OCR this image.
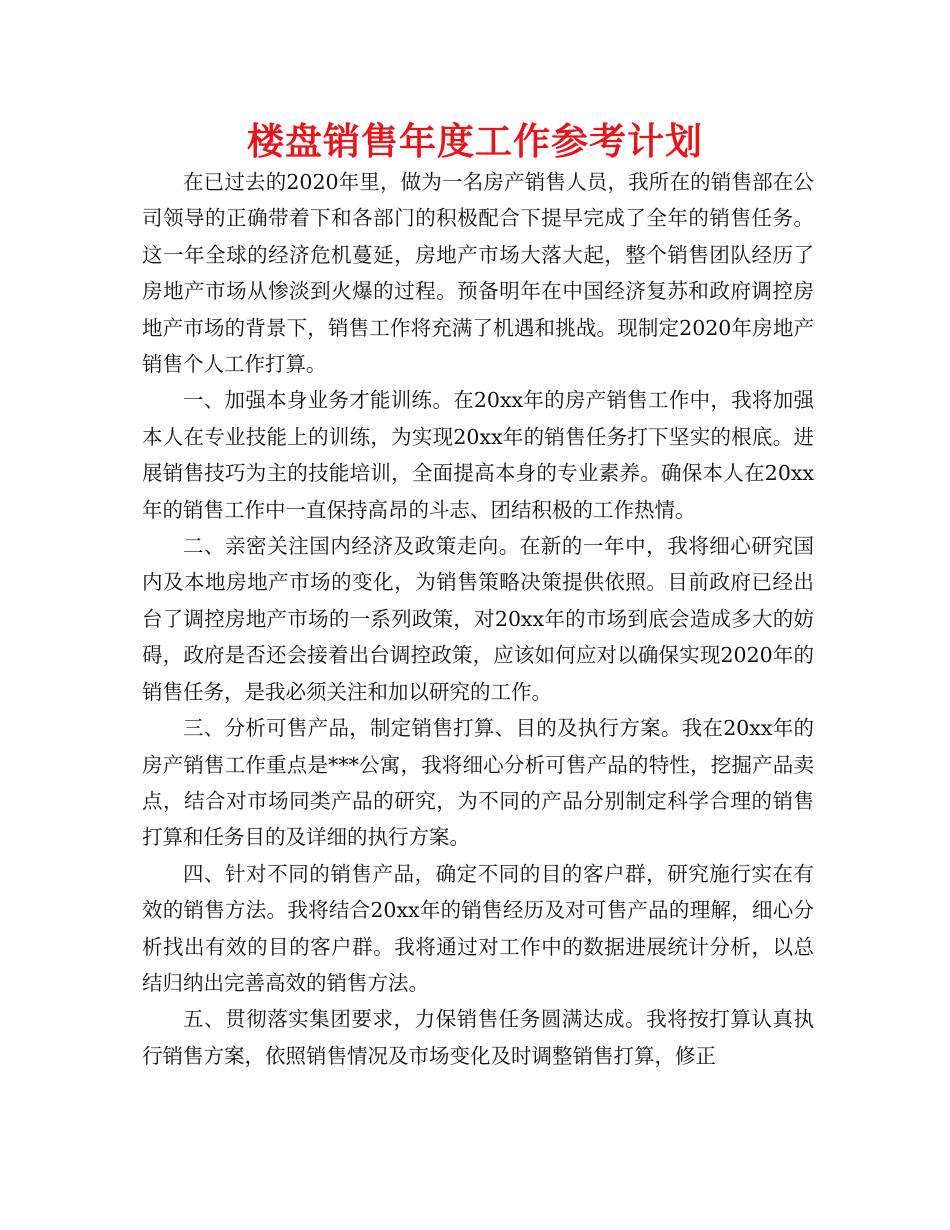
楼盘销售年度工作参考计划

在已过去的2020年里，做为一名房产销售人员，我所在的销售部在公司领导的正确带着下和各部门的积极配合下提早完成了全年的销售任务。这一年全球的经济危机蔓延，房地产市场大落大起，整个销售团队经历了房地产市场从惨淡到火爆的过程。预备明年在中国经济复苏和政府调控房地产市场的背景下，销售工作将充满了机遇和挑战。现制定2020年房地产销售个人工作打算。

一、加强本身业务才能训练。在20xx年的房产销售工作中，我将加强本人在专业技能上的训练，为实现20xx年的销售任务打下坚实的根底。进展销售技巧为主的技能培训，全面提高本身的专业素养。确保本人在20xx年的销售工作中一直保持高昂的斗志、团结积极的工作热情。

二、亲密关注国内经济及政策走向。在新的一年中，我将细心研究国内及本地房地产市场的变化，为销售策略决策提供依照。目前政府已经出台了调控房地产市场的一系列政策，对20xx年的市场到底会造成多大的妨碍，政府是否还会接着出台调控政策，应该如何应对以确保实现2020年的销售任务，是我必须关注和加以研究的工作。

三、分析可售产品，制定销售打算、目的及执行方案。我在20xx年的房产销售工作重点是***公寓，我将细心分析可售产品的特性，挖掘产品卖点，结合对市场同类产品的研究，为不同的产品分别制定科学合理的销售打算和任务目的及详细的执行方案。

四、针对不同的销售产品，确定不同的目的客户群，研究施行实在有效的销售方法。我将结合20xx年的销售经历及对可售产品的理解，细心分析找出有效的目的客户群。我将通过对工作中的数据进展统计分析，以总结归纳出完善高效的销售方法。

五、贯彻落实集团要求，力保销售任务圆满达成。我将按打算认真执行销售方案，依照销售情况及市场变化及时调整销售打算，修正
